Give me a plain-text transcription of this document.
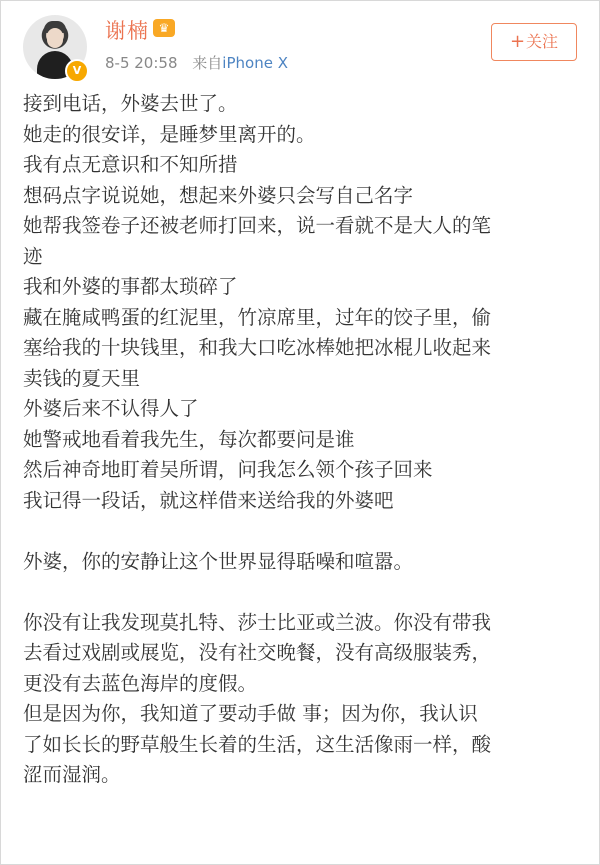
V
谢楠 ♛
8-5 20:58 来自iPhone X
+关注
接到电话，外婆去世了。
她走的很安详，是睡梦里离开的。
我有点无意识和不知所措
想码点字说说她，想起来外婆只会写自己名字
她帮我签卷子还被老师打回来，说一看就不是大人的笔
迹
我和外婆的事都太琐碎了
藏在腌咸鸭蛋的红泥里，竹凉席里，过年的饺子里，偷
塞给我的十块钱里，和我大口吃冰棒她把冰棍儿收起来
卖钱的夏天里
外婆后来不认得人了
她警戒地看着我先生，每次都要问是谁
然后神奇地盯着吴所谓，问我怎么领个孩子回来
我记得一段话，就这样借来送给我的外婆吧
外婆，你的安静让这个世界显得聒噪和喧嚣。
你没有让我发现莫扎特、莎士比亚或兰波。你没有带我
去看过戏剧或展览，没有社交晚餐，没有高级服装秀，
更没有去蓝色海岸的度假。
但是因为你，我知道了要动手做 事；因为你，我认识
了如长长的野草般生长着的生活，这生活像雨一样，酸
涩而湿润。
